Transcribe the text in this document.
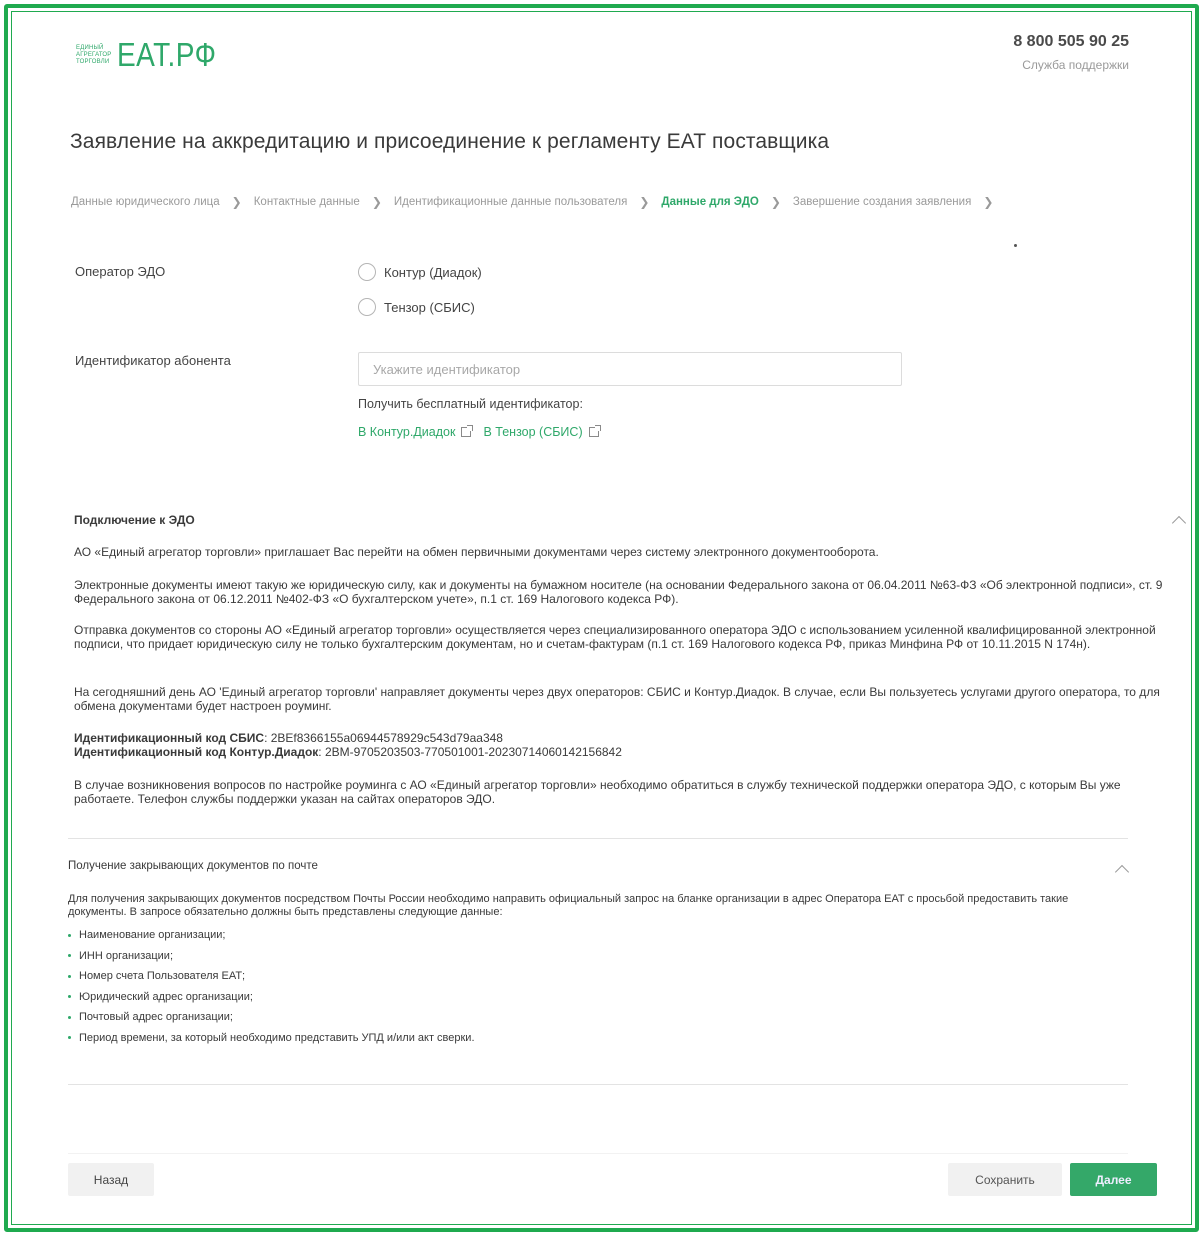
ЕДИНЫЙ
АГРЕГАТОР
ТОРГОВЛИ ЕАТ.РФ	8 800 505 90 25
Служба поддержки
Заявление на аккредитацию и присоединение к регламенту ЕАТ поставщика
Данные юридического лица ❯ Контактные данные ❯ Идентификационные данные пользователя ❯ Данные для ЭДО ❯ Завершение создания заявления ❯
Оператор ЭДО	Контур (Диадок)
Тензор (СБИС)
Идентификатор абонента
Укажите идентификатор
Получить бесплатный идентификатор:
В Контур.Диадок В Тензор (СБИС)
Подключение к ЭДО

АО «Единый агрегатор торговли» приглашает Вас перейти на обмен первичными документами через систему электронного документооборота.

Электронные документы имеют такую же юридическую силу, как и документы на бумажном носителе (на основании Федерального закона от 06.04.2011 №63-ФЗ «Об электронной подписи», ст. 9 Федерального закона от 06.12.2011 №402-ФЗ «О бухгалтерском учете», п.1 ст. 169 Налогового кодекса РФ).

Отправка документов со стороны АО «Единый агрегатор торговли» осуществляется через специализированного оператора ЭДО с использованием усиленной квалифицированной электронной подписи, что придает юридическую силу не только бухгалтерским документам, но и счетам-фактурам (п.1 ст. 169 Налогового кодекса РФ, приказ Минфина РФ от 10.11.2015 N 174н).

На сегодняшний день АО 'Единый агрегатор торговли' направляет документы через двух операторов: СБИС и Контур.Диадок. В случае, если Вы пользуетесь услугами другого оператора, то для обмена документами будет настроен роуминг.

Идентификационный код СБИС: 2BEf8366155a06944578929c543d79aa348
Идентификационный код Контур.Диадок: 2BM-9705203503-770501001-20230714060142156842

В случае возникновения вопросов по настройке роуминга с АО «Единый агрегатор торговли» необходимо обратиться в службу технической поддержки оператора ЭДО, с которым Вы уже работаете. Телефон службы поддержки указан на сайтах операторов ЭДО.

Получение закрывающих документов по почте

Для получения закрывающих документов посредством Почты России необходимо направить официальный запрос на бланке организации в адрес Оператора ЕАТ с просьбой предоставить такие документы. В запросе обязательно должны быть представлены следующие данные:

Наименование организации;
ИНН организации;
Номер счета Пользователя ЕАТ;
Юридический адрес организации;
Почтовый адрес организации;
Период времени, за который необходимо представить УПД и/или акт сверки.
Назад	Сохранить	Далее
